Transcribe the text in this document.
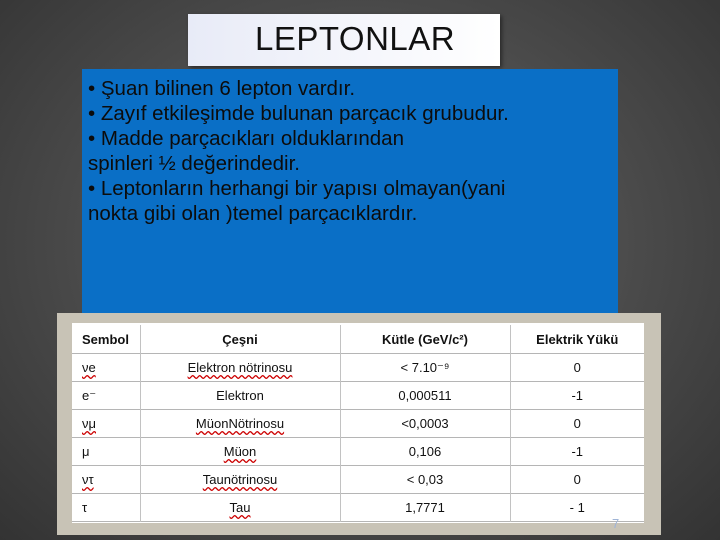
LEPTONLAR
• Şuan bilinen 6 lepton vardır.
• Zayıf etkileşimde bulunan parçacık grubudur.
• Madde parçacıkları olduklarından
spinleri ½ değerindedir.
• Leptonların herhangi bir yapısı olmayan(yani
nokta gibi olan )temel parçacıklardır.
Sembol	Çeşni	Kütle (GeV/c²)	Elektrik Yükü
νe	Elektron nötrinosu	< 7.10⁻⁹	0
e⁻	Elektron	0,000511	-1
νμ	MüonNötrinosu	<0,0003	0
μ	Müon	0,106	-1
ντ	Taunötrinosu	< 0,03	0
τ	Tau	1,7771	- 1
7
